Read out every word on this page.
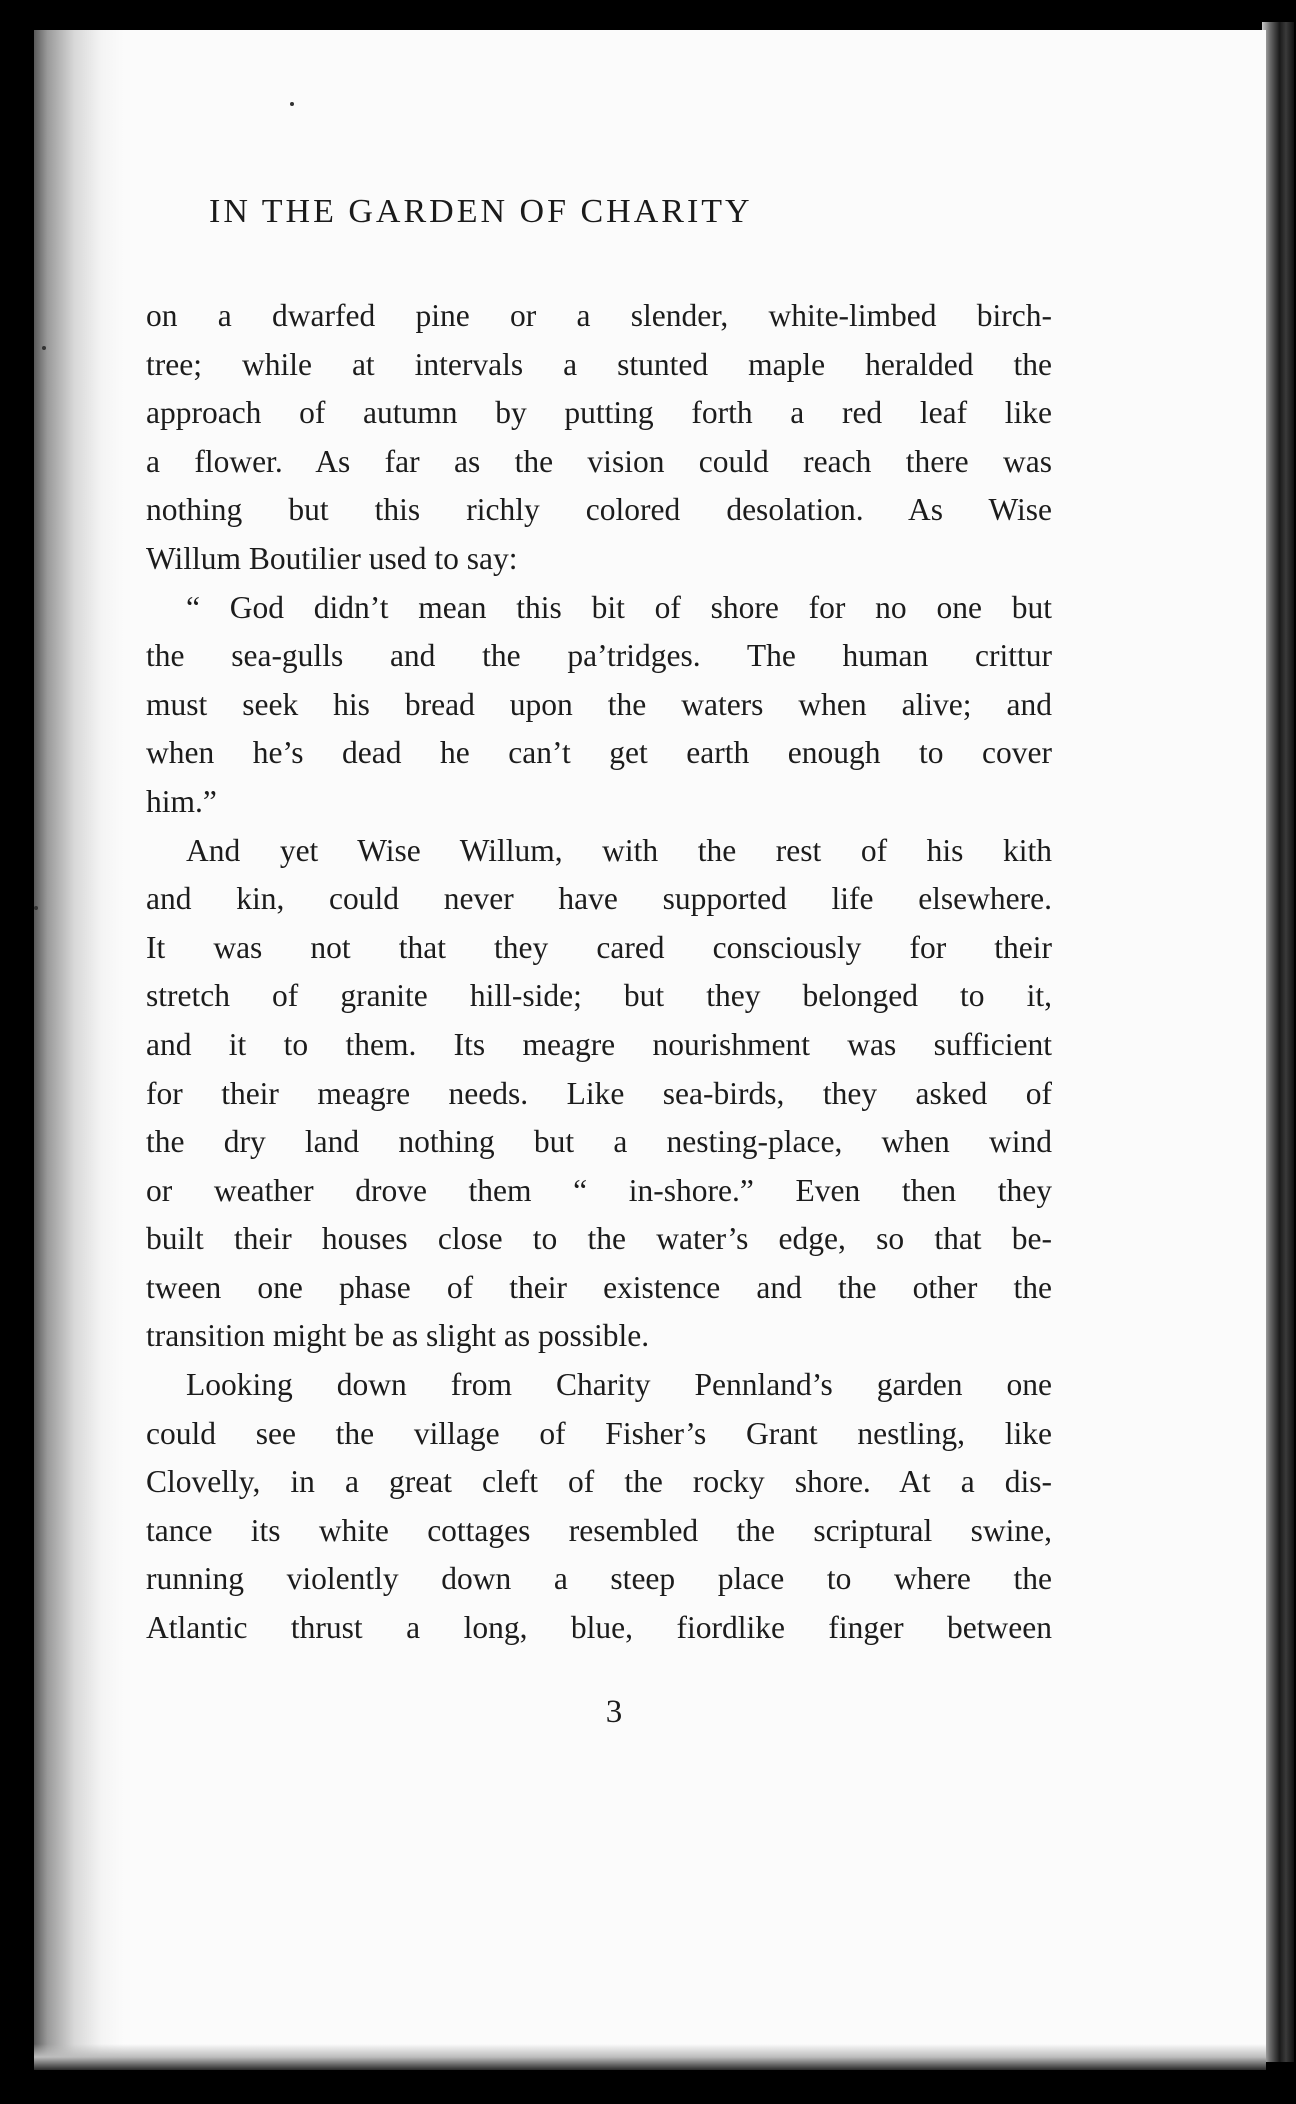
IN THE GARDEN OF CHARITY
on a dwarfed pine or a slender, white-limbed birch-
tree; while at intervals a stunted maple heralded the
approach of autumn by putting forth a red leaf like
a flower. As far as the vision could reach there was
nothing but this richly colored desolation. As Wise
Willum Boutilier used to say:
“ God didn’t mean this bit of shore for no one but
the sea-gulls and the pa’tridges. The human crittur
must seek his bread upon the waters when alive; and
when he’s dead he can’t get earth enough to cover
him.”
And yet Wise Willum, with the rest of his kith
and kin, could never have supported life elsewhere.
It was not that they cared consciously for their
stretch of granite hill-side; but they belonged to it,
and it to them. Its meagre nourishment was sufficient
for their meagre needs. Like sea-birds, they asked of
the dry land nothing but a nesting-place, when wind
or weather drove them “ in-shore.” Even then they
built their houses close to the water’s edge, so that be-
tween one phase of their existence and the other the
transition might be as slight as possible.
Looking down from Charity Pennland’s garden one
could see the village of Fisher’s Grant nestling, like
Clovelly, in a great cleft of the rocky shore. At a dis-
tance its white cottages resembled the scriptural swine,
running violently down a steep place to where the
Atlantic thrust a long, blue, fiordlike finger between
3
